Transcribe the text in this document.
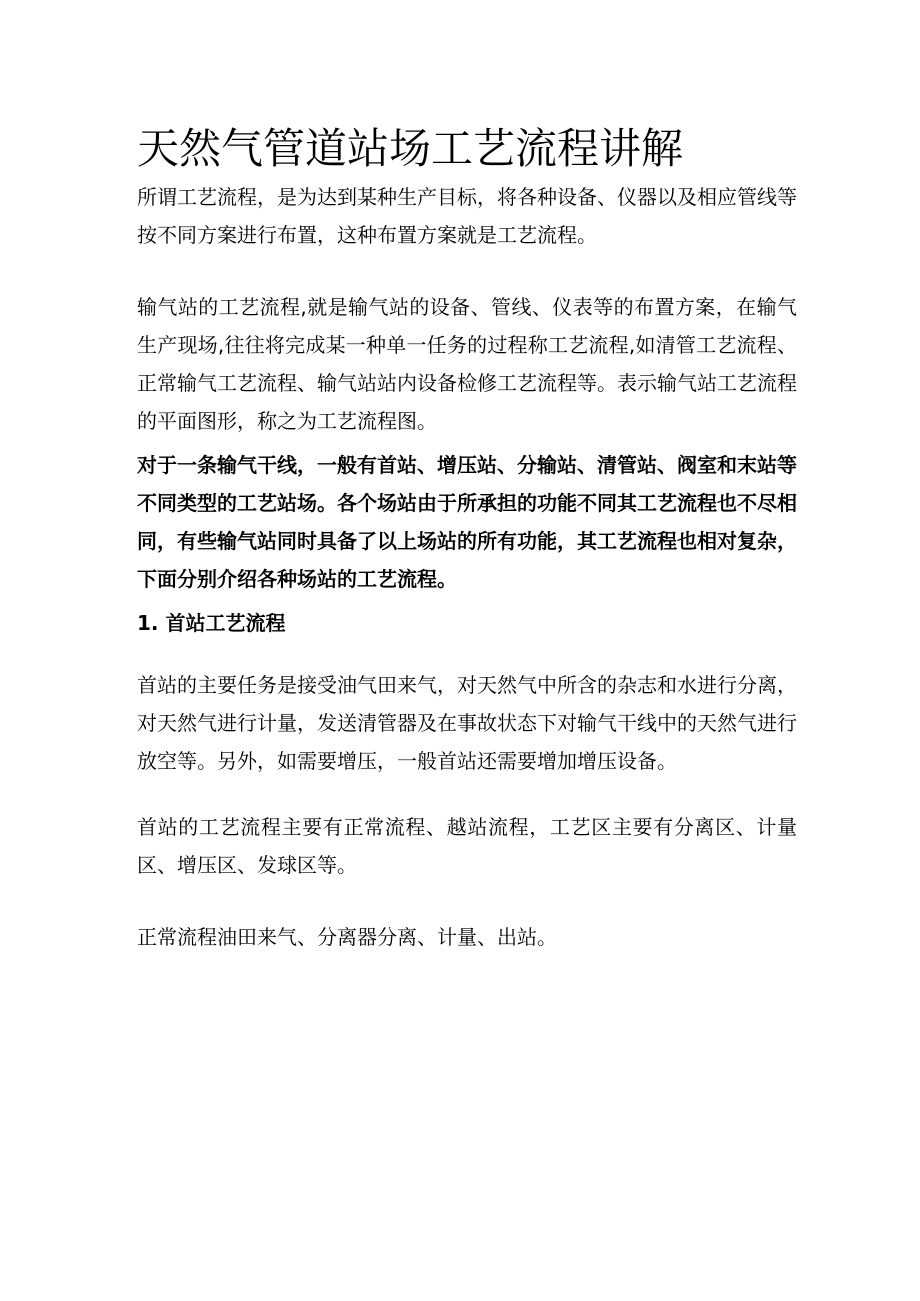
天然气管道站场工艺流程讲解

所谓工艺流程，是为达到某种生产目标，将各种设备、仪器以及相应管线等按不同方案进行布置，这种布置方案就是工艺流程。

输气站的工艺流程,就是输气站的设备、管线、仪表等的布置方案，在输气生产现场,往往将完成某一种单一任务的过程称工艺流程,如清管工艺流程、正常输气工艺流程、输气站站内设备检修工艺流程等。表示输气站工艺流程的平面图形，称之为工艺流程图。

对于一条输气干线，一般有首站、增压站、分输站、清管站、阀室和末站等不同类型的工艺站场。各个场站由于所承担的功能不同其工艺流程也不尽相同，有些输气站同时具备了以上场站的所有功能，其工艺流程也相对复杂，下面分别介绍各种场站的工艺流程。

1. 首站工艺流程

首站的主要任务是接受油气田来气，对天然气中所含的杂志和水进行分离，对天然气进行计量，发送清管器及在事故状态下对输气干线中的天然气进行放空等。另外，如需要增压，一般首站还需要增加增压设备。

首站的工艺流程主要有正常流程、越站流程，工艺区主要有分离区、计量区、增压区、发球区等。

正常流程油田来气、分离器分离、计量、出站。
